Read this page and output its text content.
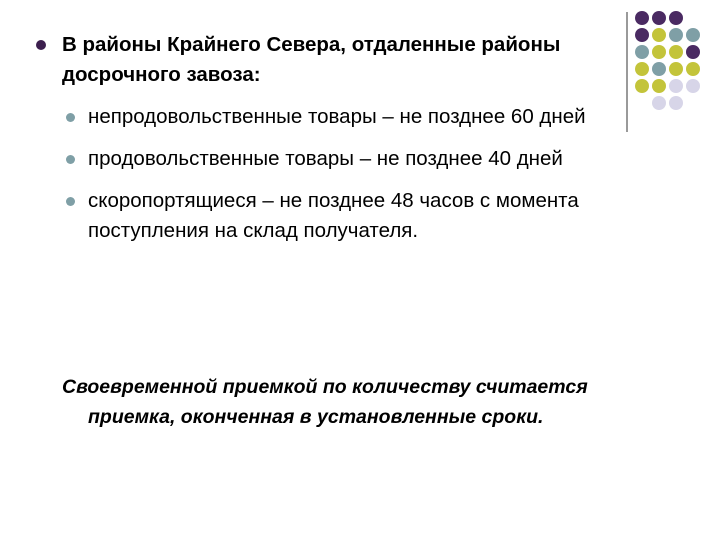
В районы Крайнего Севера, отдаленные районы досрочного завоза:
непродовольственные товары – не позднее 60 дней
продовольственные товары – не позднее 40 дней
скоропортящиеся – не позднее 48 часов с момента поступления на склад получателя.
Своевременной приемкой по количеству считается приемка, оконченная в установленные сроки.
